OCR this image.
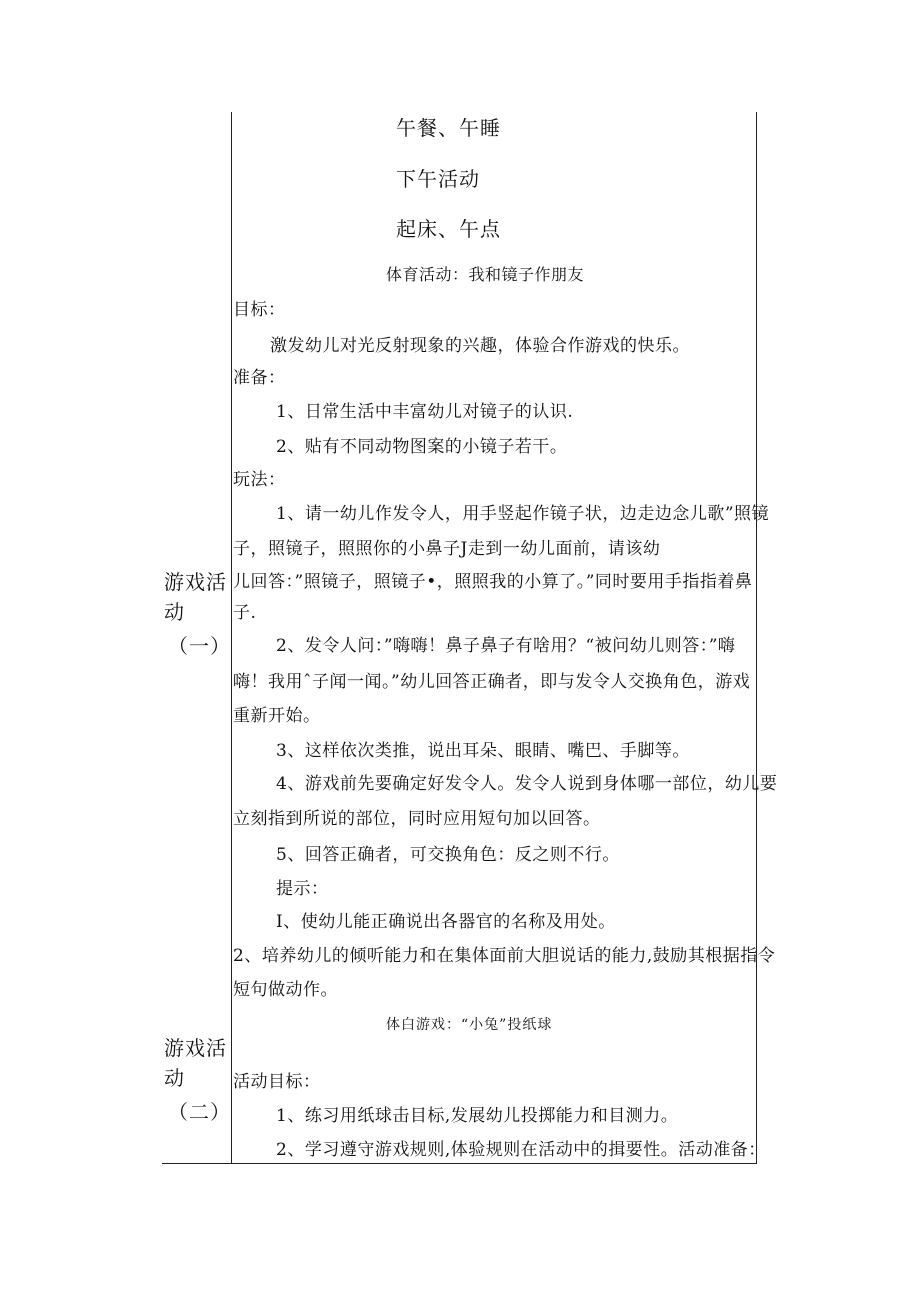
午餐、午睡
下午活动
起床、午点
游戏活
动
（一）
体育活动：我和镜子作朋友
目标：
激发幼儿对光反射现象的兴趣，体验合作游戏的快乐。
准备：
1、日常生活中丰富幼儿对镜子的认识.
2、贴有不同动物图案的小镜子若干。
玩法：
1、请一幼儿作发令人，用手竖起作镜子状，边走边念儿歌”照镜
子，照镜子，照照你的小鼻子J走到一幼儿面前，请该幼
儿回答：”照镜子，照镜子•，照照我的小算了。”同时要用手指指着鼻
子.
2、发令人问：”嗨嗨！鼻子鼻子有啥用？“被问幼儿则答：”嗨
嗨！我用ˆ子闻一闻。”幼儿回答正确者，即与发令人交换角色，游戏
重新开始。
3、这样依次类推，说出耳朵、眼睛、嘴巴、手脚等。
4、游戏前先要确定好发令人。发令人说到身体哪一部位，幼儿要
立刻指到所说的部位，同时应用短句加以回答。
5、回答正确者，可交换角色：反之则不行。
提示：
I、使幼儿能正确说出各器官的名称及用处。
2、培养幼儿的倾听能力和在集体面前大胆说话的能力,鼓励其根据指令
短句做动作。
游戏活
动
（二）
体白游戏：“小兔”投纸球
活动目标：
1、练习用纸球击目标,发展幼儿投掷能力和目测力。
2、学习遵守游戏规则,体验规则在活动中的揖要性。活动准备：
